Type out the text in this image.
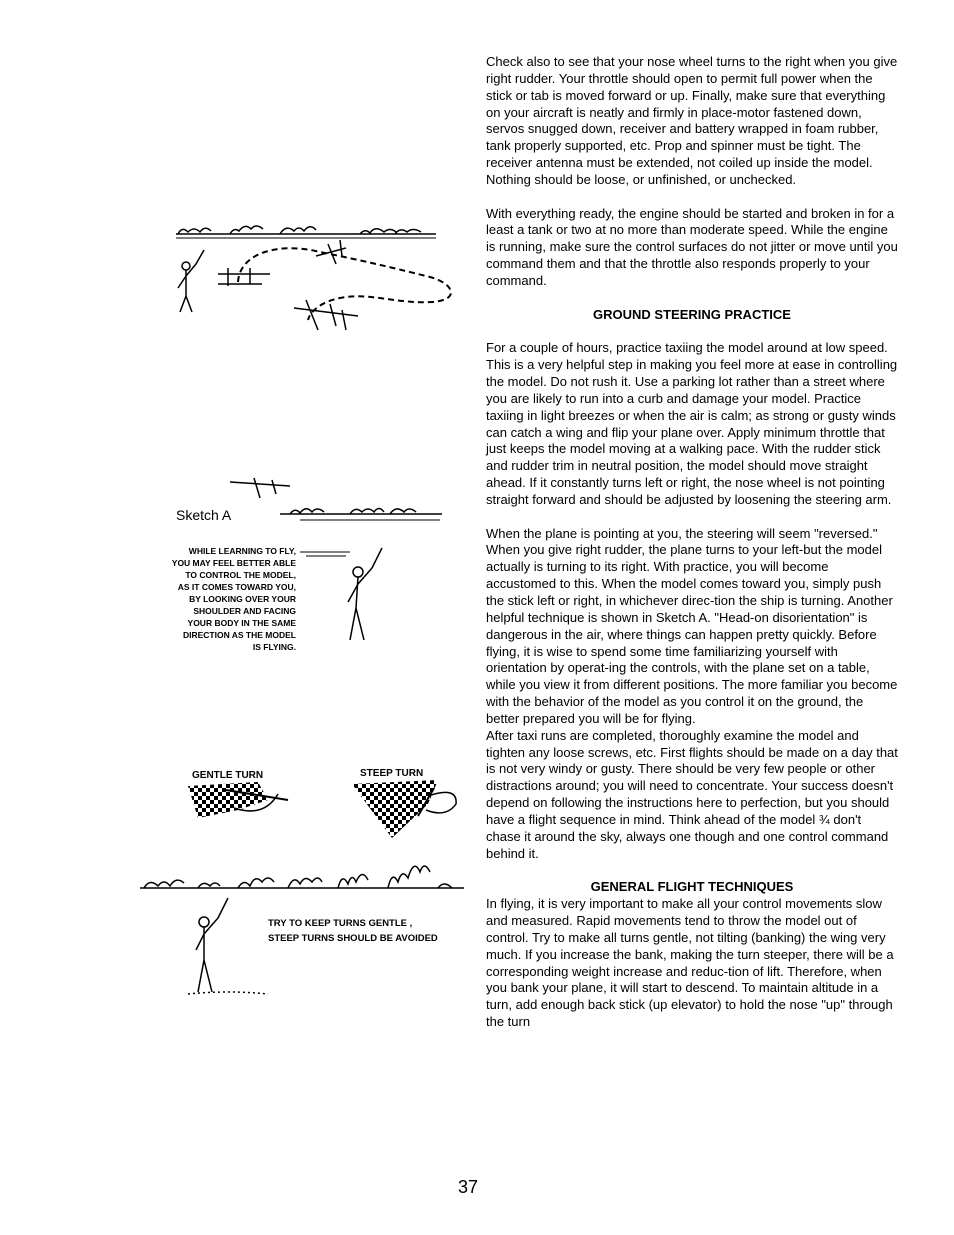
Check also to see that your nose wheel turns to the right when you give right rudder. Your throttle should open to permit full power when the stick or tab is moved forward or up. Finally, make sure that everything on your aircraft is neatly and firmly in place-motor fastened down, servos snugged down, receiver and battery wrapped in foam rubber, tank properly supported, etc. Prop and spinner must be tight. The receiver antenna must be extended, not coiled up inside the model. Nothing should be loose, or unfinished, or unchecked.

With everything ready, the engine should be started and broken in for a least a tank or two at no more than moderate speed. While the engine is running, make sure the control surfaces do not jitter or move until you command them and that the throttle also responds properly to your command.

GROUND STEERING PRACTICE

For a couple of hours, practice taxiing the model around at low speed. This is a very helpful step in making you feel more at ease in controlling the model. Do not rush it. Use a parking lot rather than a street where you are likely to run into a curb and damage your model. Practice taxiing in light breezes or when the air is calm; as strong or gusty winds can catch a wing and flip your plane over. Apply minimum throttle that just keeps the model moving at a walking pace. With the rudder stick and rudder trim in neutral position, the model should move straight ahead. If it constantly turns left or right, the nose wheel is not pointing straight forward and should be adjusted by loosening the steering arm.

When the plane is pointing at you, the steering will seem "reversed." When you give right rudder, the plane turns to your left-but the model actually is turning to its right. With practice, you will become accustomed to this. When the model comes toward you, simply push the stick left or right, in whichever direc-tion the ship is turning. Another helpful technique is shown in Sketch A. "Head-on disorientation" is dangerous in the air, where things can happen pretty quickly. Before flying, it is wise to spend some time familiarizing yourself with orientation by operat-ing the controls, with the plane set on a table, while you view it from different positions. The more familiar you become with the behavior of the model as you control it on the ground, the better prepared you will be for flying.

After taxi runs are completed, thoroughly examine the model and tighten any loose screws, etc. First flights should be made on a day that is not very windy or gusty. There should be very few people or other distractions around; you will need to concentrate. Your success doesn't depend on following the instructions here to perfection, but you should have a flight sequence in mind. Think ahead of the model ¾ don't chase it around the sky, always one though and one control command behind it.

GENERAL FLIGHT TECHNIQUES

In flying, it is very important to make all your control movements slow and measured. Rapid movements tend to throw the model out of control. Try to make all turns gentle, not tilting (banking) the wing very much. If you increase the bank, making the turn steeper, there will be a corresponding weight increase and reduc-tion of lift. Therefore, when you bank your plane, it will start to descend. To maintain altitude in a turn, add enough back stick (up elevator) to hold the nose "up" through the turn

Sketch A
WHILE LEARNING TO FLY,
YOU MAY FEEL BETTER ABLE
TO CONTROL THE MODEL,
AS IT COMES TOWARD YOU,
BY LOOKING OVER YOUR
SHOULDER AND FACING
YOUR BODY IN THE SAME
DIRECTION AS THE MODEL
IS FLYING.
GENTLE TURN	STEEP TURN
TRY TO KEEP TURNS GENTLE ,
STEEP TURNS SHOULD BE AVOIDED
37
